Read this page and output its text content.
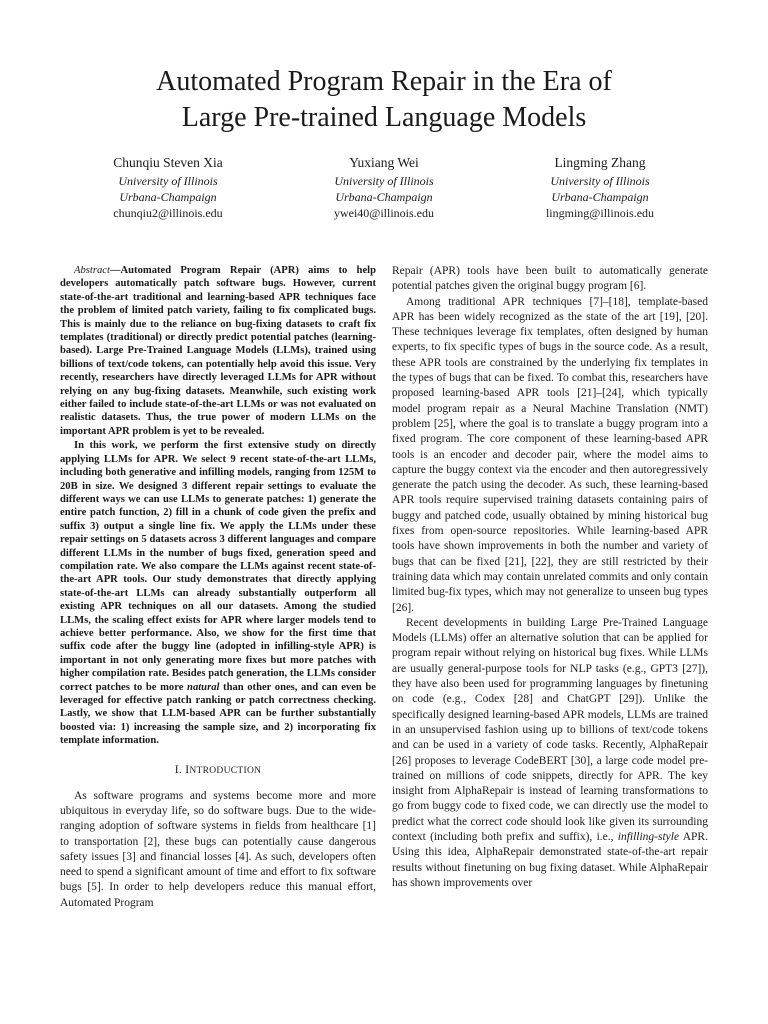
Automated Program Repair in the Era of
Large Pre-trained Language Models
Chunqiu Steven Xia
University of Illinois
Urbana-Champaign
chunqiu2@illinois.edu
Yuxiang Wei
University of Illinois
Urbana-Champaign
ywei40@illinois.edu
Lingming Zhang
University of Illinois
Urbana-Champaign
lingming@illinois.edu

Abstract—Automated Program Repair (APR) aims to help developers automatically patch software bugs. However, current state-of-the-art traditional and learning-based APR techniques face the problem of limited patch variety, failing to fix complicated bugs. This is mainly due to the reliance on bug-fixing datasets to craft fix templates (traditional) or directly predict potential patches (learning-based). Large Pre-Trained Language Models (LLMs), trained using billions of text/code tokens, can potentially help avoid this issue. Very recently, researchers have directly leveraged LLMs for APR without relying on any bug-fixing datasets. Meanwhile, such existing work either failed to include state-of-the-art LLMs or was not evaluated on realistic datasets. Thus, the true power of modern LLMs on the important APR problem is yet to be revealed.

In this work, we perform the first extensive study on directly applying LLMs for APR. We select 9 recent state-of-the-art LLMs, including both generative and infilling models, ranging from 125M to 20B in size. We designed 3 different repair settings to evaluate the different ways we can use LLMs to generate patches: 1) generate the entire patch function, 2) fill in a chunk of code given the prefix and suffix 3) output a single line fix. We apply the LLMs under these repair settings on 5 datasets across 3 different languages and compare different LLMs in the number of bugs fixed, generation speed and compilation rate. We also compare the LLMs against recent state-of-the-art APR tools. Our study demonstrates that directly applying state-of-the-art LLMs can already substantially outperform all existing APR techniques on all our datasets. Among the studied LLMs, the scaling effect exists for APR where larger models tend to achieve better performance. Also, we show for the first time that suffix code after the buggy line (adopted in infilling-style APR) is important in not only generating more fixes but more patches with higher compilation rate. Besides patch generation, the LLMs consider correct patches to be more natural than other ones, and can even be leveraged for effective patch ranking or patch correctness checking. Lastly, we show that LLM-based APR can be further substantially boosted via: 1) increasing the sample size, and 2) incorporating fix template information.

I. INTRODUCTION

As software programs and systems become more and more ubiquitous in everyday life, so do software bugs. Due to the wide-ranging adoption of software systems in fields from healthcare [1] to transportation [2], these bugs can potentially cause dangerous safety issues [3] and financial losses [4]. As such, developers often need to spend a significant amount of time and effort to fix software bugs [5]. In order to help developers reduce this manual effort, Automated Program

Repair (APR) tools have been built to automatically generate potential patches given the original buggy program [6].

Among traditional APR techniques [7]–[18], template-based APR has been widely recognized as the state of the art [19], [20]. These techniques leverage fix templates, often designed by human experts, to fix specific types of bugs in the source code. As a result, these APR tools are constrained by the underlying fix templates in the types of bugs that can be fixed. To combat this, researchers have proposed learning-based APR tools [21]–[24], which typically model program repair as a Neural Machine Translation (NMT) problem [25], where the goal is to translate a buggy program into a fixed program. The core component of these learning-based APR tools is an encoder and decoder pair, where the model aims to capture the buggy context via the encoder and then autoregressively generate the patch using the decoder. As such, these learning-based APR tools require supervised training datasets containing pairs of buggy and patched code, usually obtained by mining historical bug fixes from open-source repositories. While learning-based APR tools have shown improvements in both the number and variety of bugs that can be fixed [21], [22], they are still restricted by their training data which may contain unrelated commits and only contain limited bug-fix types, which may not generalize to unseen bug types [26].

Recent developments in building Large Pre-Trained Language Models (LLMs) offer an alternative solution that can be applied for program repair without relying on historical bug fixes. While LLMs are usually general-purpose tools for NLP tasks (e.g., GPT3 [27]), they have also been used for programming languages by finetuning on code (e.g., Codex [28] and ChatGPT [29]). Unlike the specifically designed learning-based APR models, LLMs are trained in an unsupervised fashion using up to billions of text/code tokens and can be used in a variety of code tasks. Recently, AlphaRepair [26] proposes to leverage CodeBERT [30], a large code model pre-trained on millions of code snippets, directly for APR. The key insight from AlphaRepair is instead of learning transformations to go from buggy code to fixed code, we can directly use the model to predict what the correct code should look like given its surrounding context (including both prefix and suffix), i.e., infilling-style APR. Using this idea, AlphaRepair demonstrated state-of-the-art repair results without finetuning on bug fixing dataset. While AlphaRepair has shown improvements over
